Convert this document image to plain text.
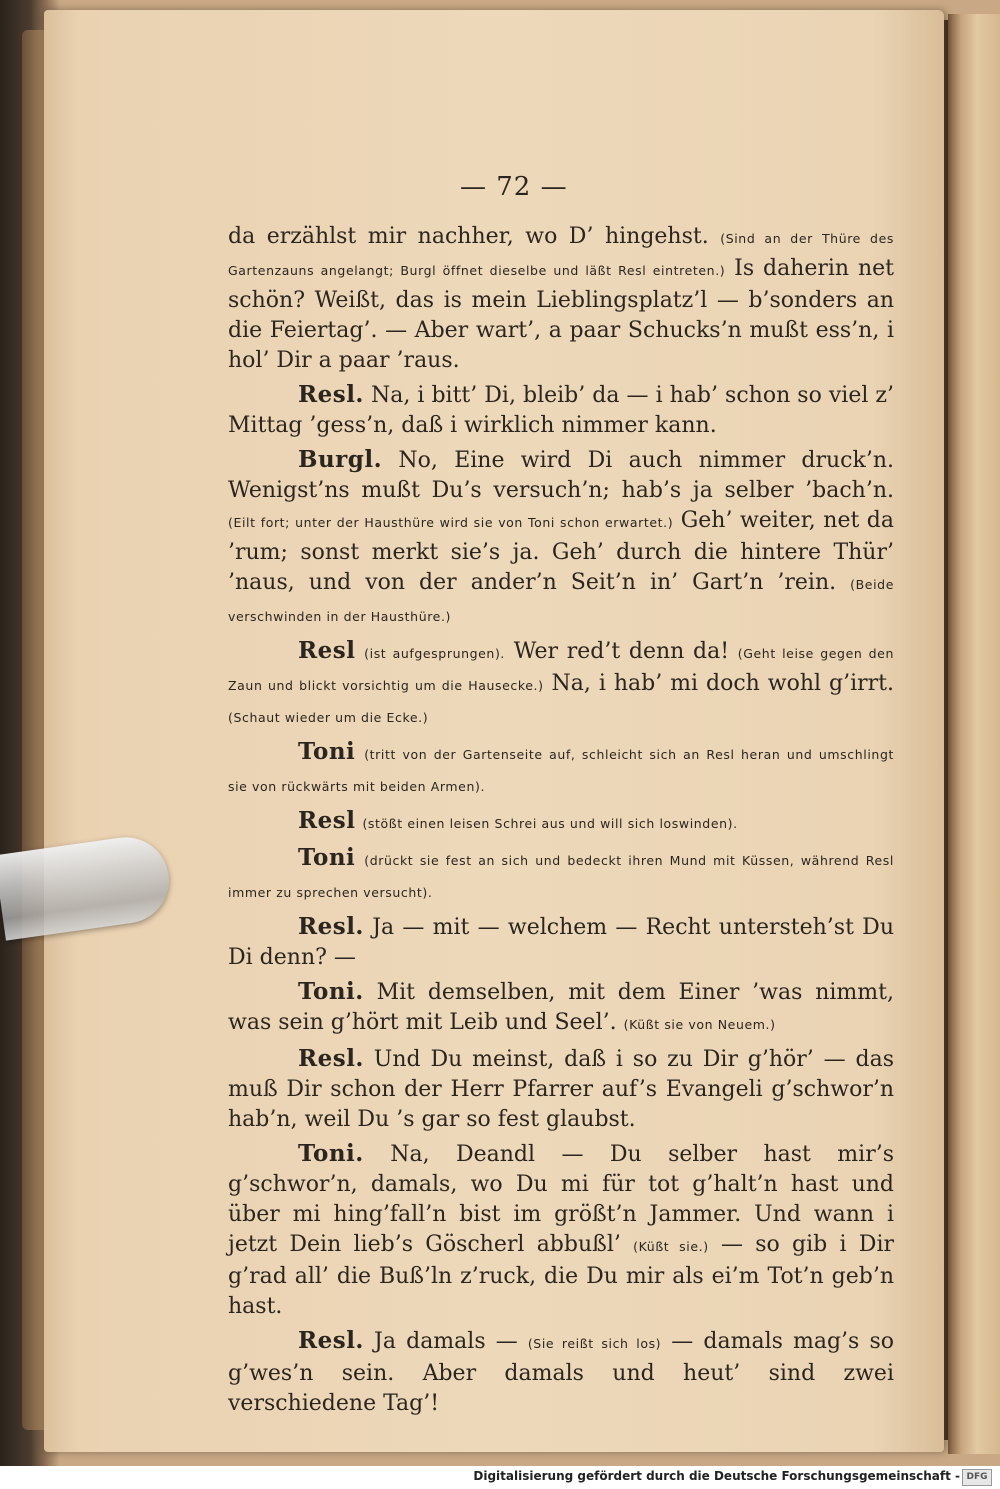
— 72 —

da erzählst mir nachher, wo D’ hingehst. (Sind an der Thüre des Gartenzauns angelangt; Burgl öffnet dieselbe und läßt Resl eintreten.) Is daherin net schön? Weißt, das is mein Lieblingsplatz’l — b’sonders an die Feiertag’. — Aber wart’, a paar Schucks’n mußt ess’n, i hol’ Dir a paar ’raus.

Resl. Na, i bitt’ Di, bleib’ da — i hab’ schon so viel z’ Mittag ’gess’n, daß i wirklich nimmer kann.

Burgl. No, Eine wird Di auch nimmer druck’n. Wenigst’ns mußt Du’s versuch’n; hab’s ja selber ’bach’n. (Eilt fort; unter der Hausthüre wird sie von Toni schon erwartet.) Geh’ weiter, net da ’rum; sonst merkt sie’s ja. Geh’ durch die hintere Thür’ ’naus, und von der ander’n Seit’n in’ Gart’n ’rein. (Beide verschwinden in der Hausthüre.)

Resl (ist aufgesprungen). Wer red’t denn da! (Geht leise gegen den Zaun und blickt vorsichtig um die Hausecke.) Na, i hab’ mi doch wohl g’irrt. (Schaut wieder um die Ecke.)

Toni (tritt von der Gartenseite auf, schleicht sich an Resl heran und umschlingt sie von rückwärts mit beiden Armen).

Resl (stößt einen leisen Schrei aus und will sich loswinden).

Toni (drückt sie fest an sich und bedeckt ihren Mund mit Küssen, während Resl immer zu sprechen versucht).

Resl. Ja — mit — welchem — Recht untersteh’st Du Di denn? —

Toni. Mit demselben, mit dem Einer ’was nimmt, was sein g’hört mit Leib und Seel’. (Küßt sie von Neuem.)

Resl. Und Du meinst, daß i so zu Dir g’hör’ — das muß Dir schon der Herr Pfarrer auf’s Evangeli g’schwor’n hab’n, weil Du ’s gar so fest glaubst.

Toni. Na, Deandl — Du selber hast mir’s g’schwor’n, damals, wo Du mi für tot g’halt’n hast und über mi hing’fall’n bist im größt’n Jammer. Und wann i jetzt Dein lieb’s Göscherl abbußl’ (Küßt sie.) — so gib i Dir g’rad all’ die Buß’ln z’ruck, die Du mir als ei’m Tot’n geb’n hast.

Resl. Ja damals — (Sie reißt sich los) — damals mag’s so g’wes’n sein. Aber damals und heut’ sind zwei verschiedene Tag’!

Digitalisierung gefördert durch die Deutsche Forschungsgemeinschaft - DFG
